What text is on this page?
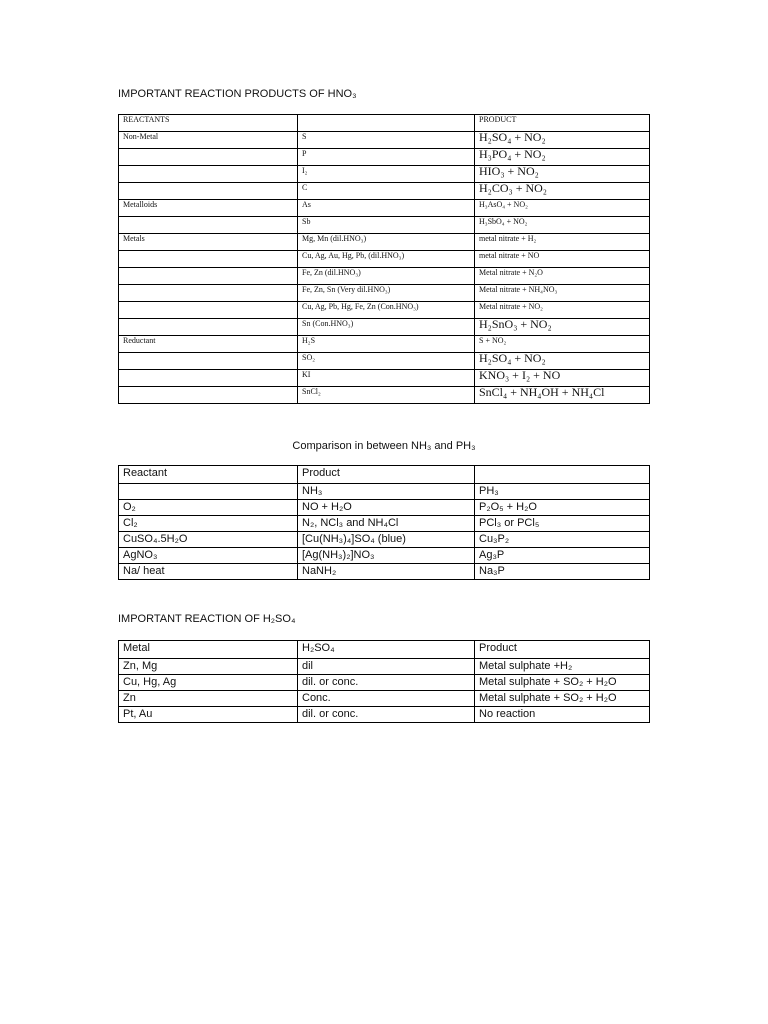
IMPORTANT REACTION PRODUCTS OF HNO₃
REACTANTS		PRODUCT
Non-Metal	S	H₂SO₄ + NO₂
	P	H₃PO₄ + NO₂
	I₂	HIO₃ + NO₂
	C	H₂CO₃ + NO₂
Metalloids	As	H₃AsO₄ + NO₂
	Sb	H₃SbO₄ + NO₂
Metals	Mg, Mn (dil.HNO₃)	metal nitrate + H₂
	Cu, Ag, Au, Hg, Pb, (dil.HNO₃)	metal nitrate + NO
	Fe, Zn (dil.HNO₃)	Metal nitrate + N₂O
	Fe, Zn, Sn (Very dil.HNO₃)	Metal nitrate + NH₄NO₃
	Cu, Ag, Pb, Hg, Fe, Zn (Con.HNO₃)	Metal nitrate + NO₂
	Sn (Con.HNO₃)	H₂SnO₃ + NO₂
Reductant	H₂S	S + NO₂
	SO₂	H₂SO₄ + NO₂
	KI	KNO₃ + I₂ + NO
	SnCl₂	SnCl₄ + NH₄OH + NH₄Cl
Comparison in between NH₃ and PH₃
Reactant	Product	
	NH₃	PH₃
O₂	NO + H₂O	P₂O₅ + H₂O
Cl₂	N₂, NCl₃ and NH₄Cl	PCl₃ or PCl₅
CuSO₄.5H₂O	[Cu(NH₃)₄]SO₄ (blue)	Cu₃P₂
AgNO₃	[Ag(NH₃)₂]NO₃	Ag₃P
Na/ heat	NaNH₂	Na₃P
IMPORTANT REACTION OF H₂SO₄
Metal	H₂SO₄	Product
Zn, Mg	dil	Metal sulphate +H₂
Cu, Hg, Ag	dil. or conc.	Metal sulphate + SO₂ + H₂O
Zn	Conc.	Metal sulphate + SO₂ + H₂O
Pt, Au	dil. or conc.	No reaction
